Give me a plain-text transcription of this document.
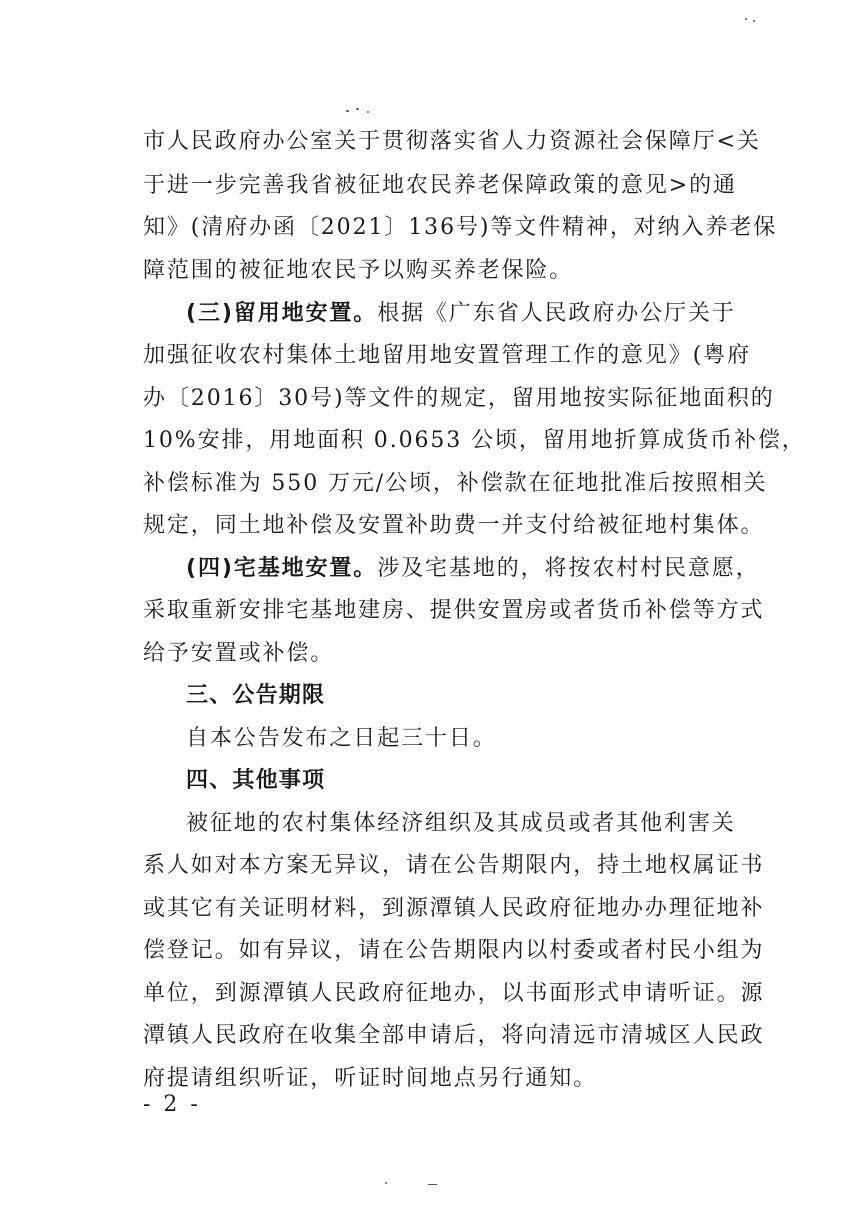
市人民政府办公室关于贯彻落实省人力资源社会保障厅<关
于进一步完善我省被征地农民养老保障政策的意见>的通
知》(清府办函〔2021〕136号)等文件精神，对纳入养老保
障范围的被征地农民予以购买养老保险。
(三)留用地安置。根据《广东省人民政府办公厅关于
加强征收农村集体土地留用地安置管理工作的意见》(粤府
办〔2016〕30号)等文件的规定，留用地按实际征地面积的
10%安排，用地面积 0.0653 公顷，留用地折算成货币补偿，
补偿标准为 550 万元/公顷，补偿款在征地批准后按照相关
规定，同土地补偿及安置补助费一并支付给被征地村集体。
(四)宅基地安置。涉及宅基地的，将按农村村民意愿，
采取重新安排宅基地建房、提供安置房或者货币补偿等方式
给予安置或补偿。
三、公告期限
自本公告发布之日起三十日。
四、其他事项
被征地的农村集体经济组织及其成员或者其他利害关
系人如对本方案无异议，请在公告期限内，持土地权属证书
或其它有关证明材料，到源潭镇人民政府征地办办理征地补
偿登记。如有异议，请在公告期限内以村委或者村民小组为
单位，到源潭镇人民政府征地办，以书面形式申请听证。源
潭镇人民政府在收集全部申请后，将向清远市清城区人民政
府提请组织听证，听证时间地点另行通知。
- 2 -
